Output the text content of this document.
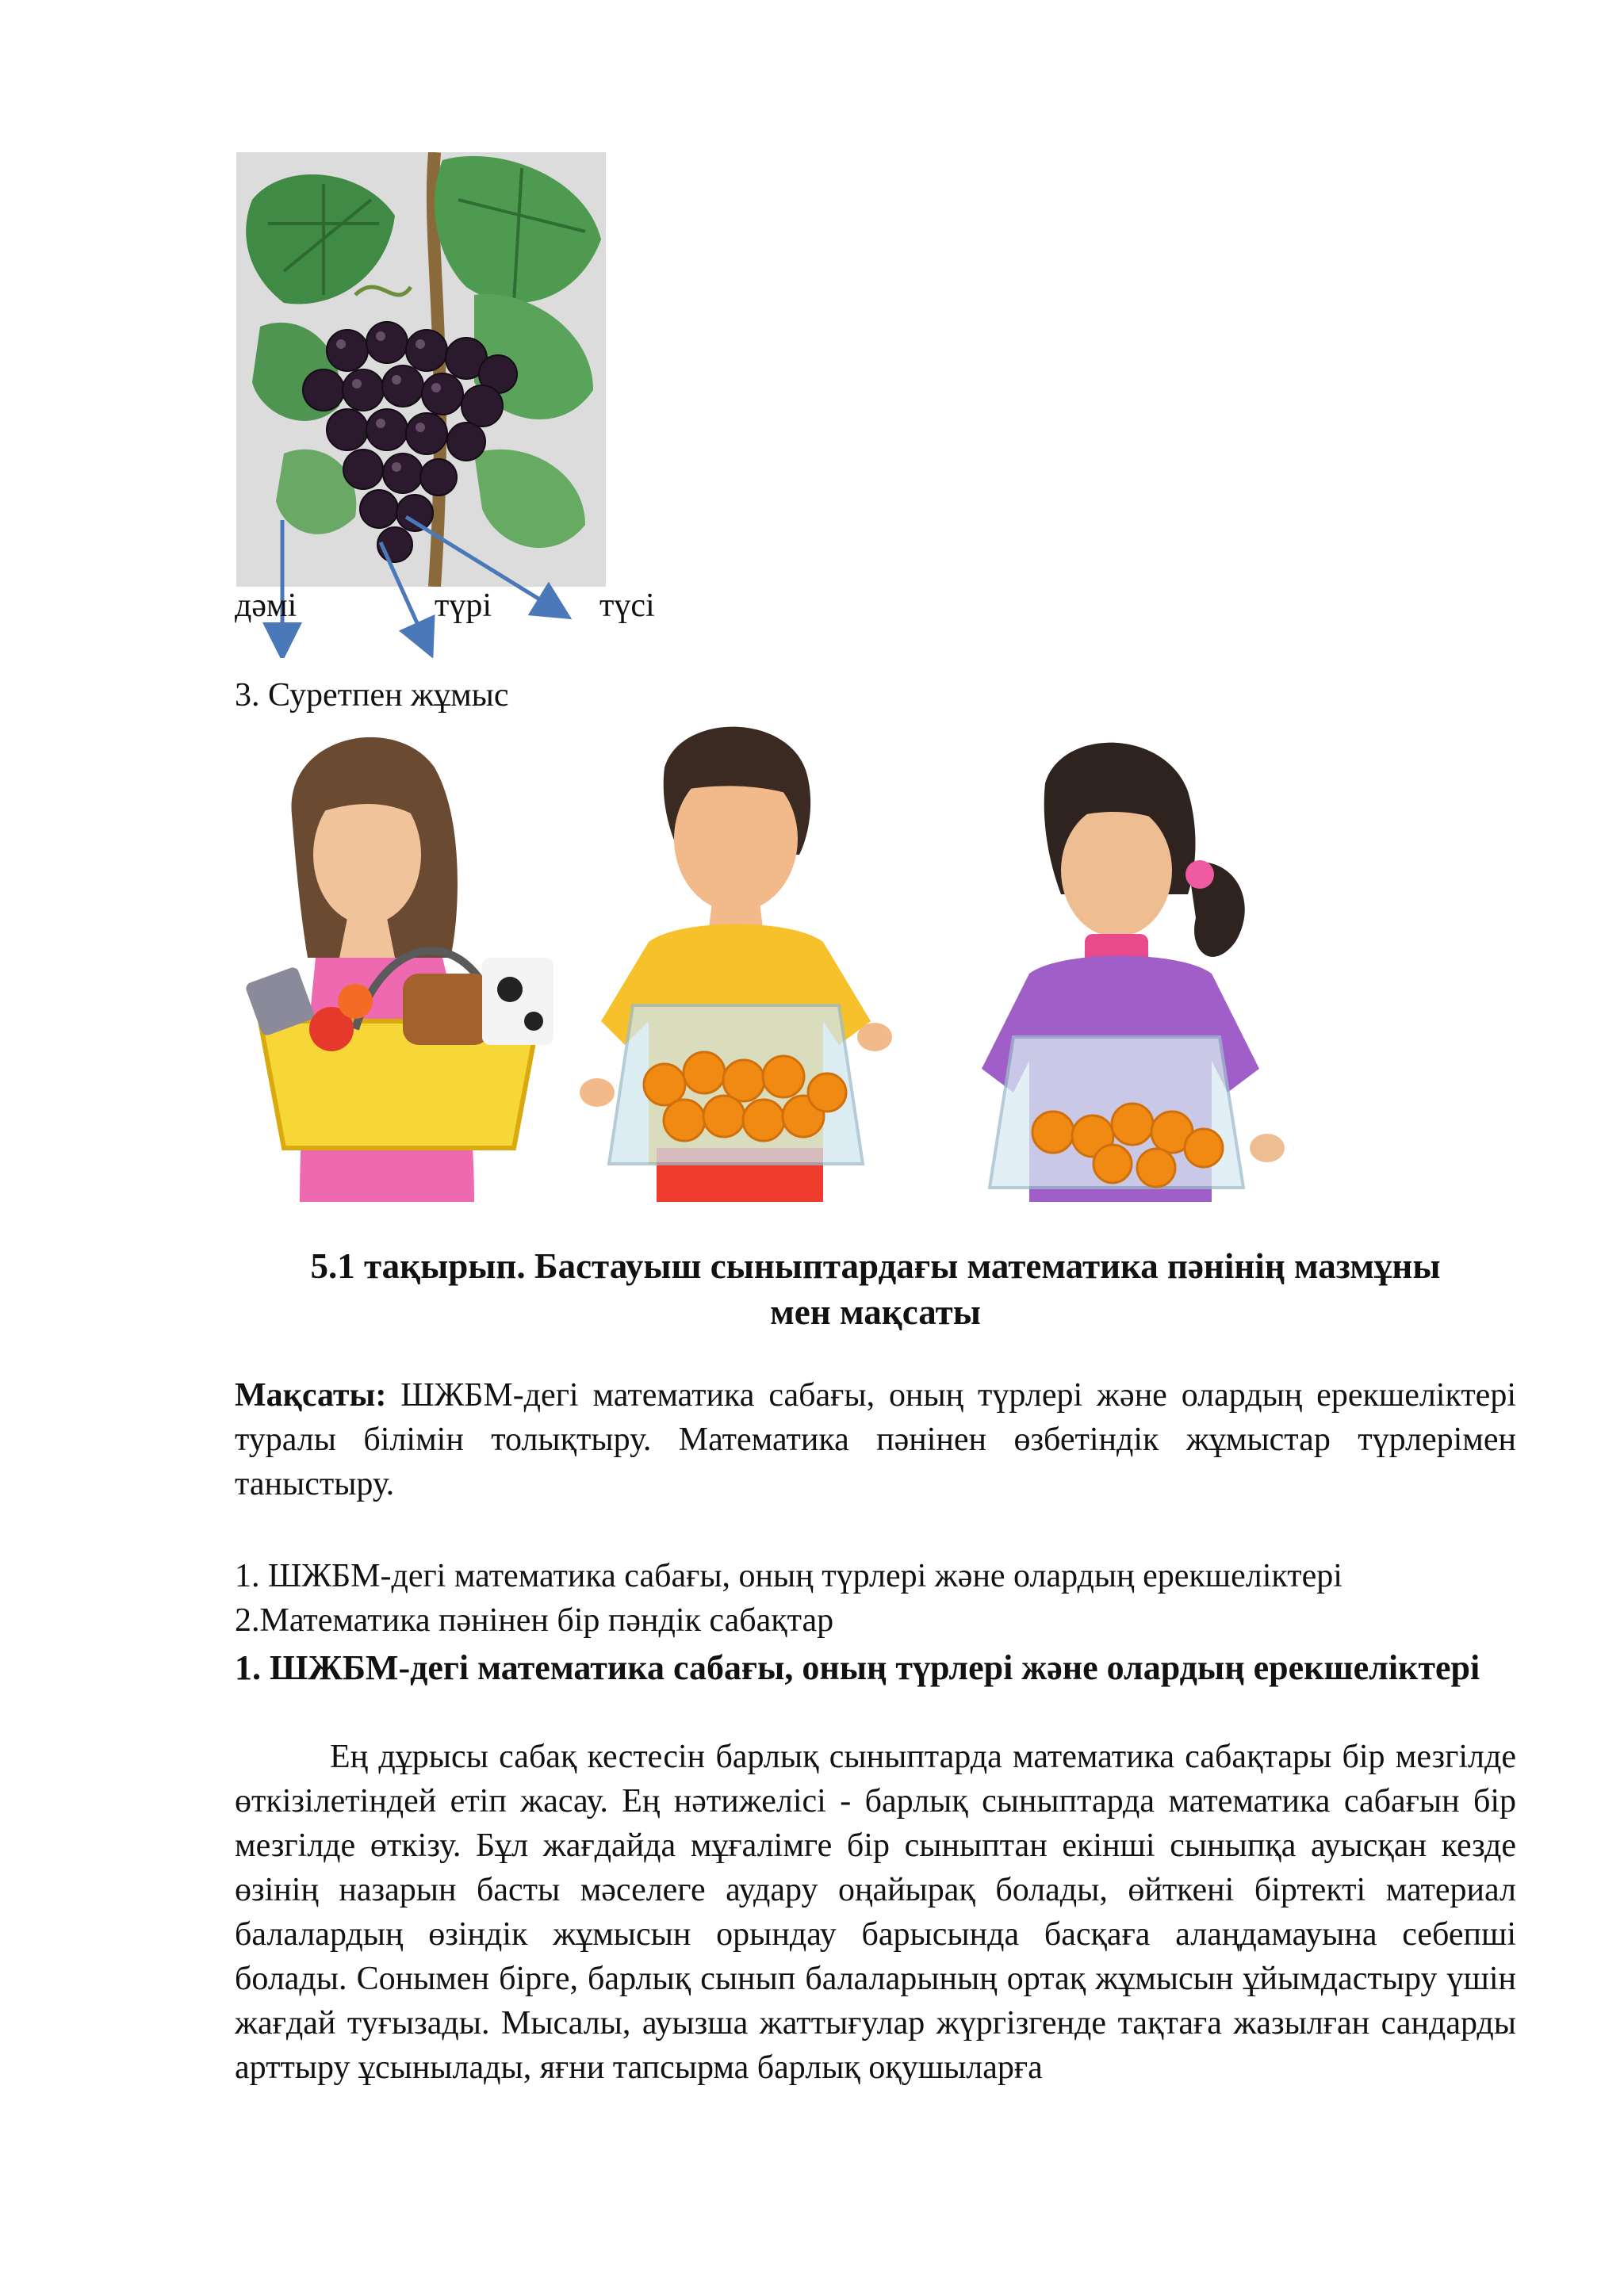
дәмі	түрі	түсі
3. Суретпен жұмыс
5.1 тақырып. Бастауыш сыныптардағы математика пәнінің мазмұны
мен мақсаты
Мақсаты: ШЖБМ-дегі математика сабағы, оның түрлері және олардың ерекшеліктері туралы білімін толықтыру. Математика пәнінен өзбетіндік жұмыстар түрлерімен таныстыру.
1. ШЖБМ-дегі математика сабағы, оның түрлері және олардың ерекшеліктері
2.Математика пәнінен бір пәндік сабақтар
1. ШЖБМ-дегі математика сабағы, оның түрлері және олардың ерекшеліктері
Ең дұрысы сабақ кестесін барлық сыныптарда математика сабақтары бір мезгілде өткізілетіндей етіп жасау. Ең нәтижелісі - барлық сыныптарда математика сабағын бір мезгілде өткізу. Бұл жағдайда мұғалімге бір сыныптан екінші сыныпқа ауысқан кезде өзінің назарын басты мәселеге аудару оңайырақ болады, өйткені біртекті материал балалардың өзіндік жұмысын орындау барысында басқаға алаңдамауына себепші болады. Сонымен бірге, барлық сынып балаларының ортақ жұмысын ұйымдастыру үшін жағдай туғызады. Мысалы, ауызша жаттығулар жүргізгенде тақтаға жазылған сандарды арттыру ұсынылады, яғни тапсырма барлық оқушыларға
